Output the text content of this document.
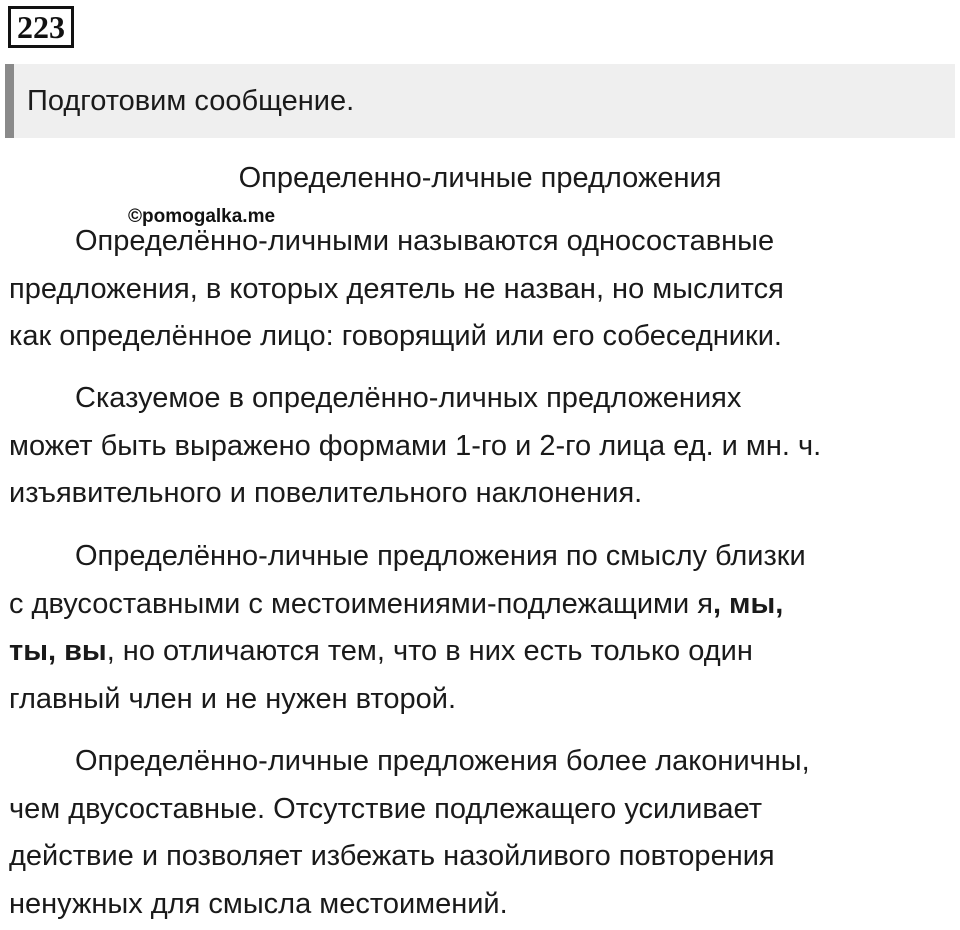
223
Подготовим сообщение.
Определенно-личные предложения
©pomogalka.me
Определённо-личными называются односоставные
предложения, в которых деятель не назван, но мыслится
как определённое лицо: говорящий или его собеседники.
Сказуемое в определённо-личных предложениях
может быть выражено формами 1-го и 2-го лица ед. и мн. ч.
изъявительного и повелительного наклонения.
Определённо-личные предложения по смыслу близки
с двусоставными с местоимениями-подлежащими я, мы,
ты, вы, но отличаются тем, что в них есть только один
главный член и не нужен второй.
Определённо-личные предложения более лаконичны,
чем двусоставные. Отсутствие подлежащего усиливает
действие и позволяет избежать назойливого повторения
ненужных для смысла местоимений.
